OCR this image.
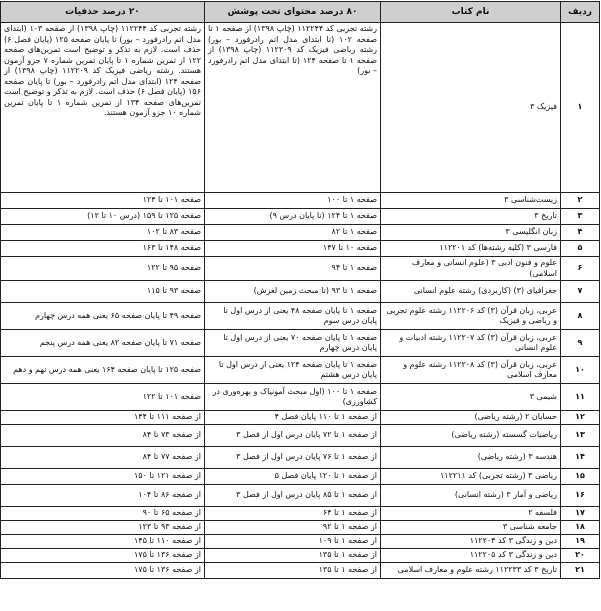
ردیف	نام کتاب	۸۰ درصد محتوای تحت پوشش	۲۰ درصد حذفیات
۱	فیزیک ۳	رشته تجربی کد ۱۱۲۲۴۴ (چاپ ۱۳۹۸) از صفحه ۱ تا صفحه ۱۰۲ (تا ابتدای مدل اتم رادرفورد – بور) رشته ریاضی فیزیک کد ۱۱۲۲۰۹ (چاپ ۱۳۹۸) از صفحه ۱ تا صفحه ۱۲۴ (تا ابتدای مدل اتم رادرفورد – بور)	رشته تجربی کد ۱۱۲۲۴۴ (چاپ ۱۳۹۸) از صفحه ۱۰۳ (ابتدای مدل اتم رادرفورد – بور) تا پایان صفحه ۱۲۵ (پایان فصل ۶) حذف است. لازم به تذکر و توضیح است تمرین‌های صفحه ۱۲۲ از تمرین شماره ۱ تا پایان تمرین شماره ۷ جزو آزمون هستند. رشته ریاضی فیزیک کد ۱۱۲۲۰۹ (چاپ ۱۳۹۸) از صفحه ۱۲۴ (ابتدای مدل اتم رادرفورد – بور) تا پایان صفحه ۱۵۶ (پایان فصل ۶) حذف است. لازم به تذکر و توضیح است تمرین‌های صفحه ۱۳۴ از تمرین شماره ۱ تا پایان تمرین شماره ۱۰ جزو آزمون هستند.
۲	زیست‌شناسی ۳	صفحه ۱ تا ۱۰۰	صفحه ۱۰۱ تا ۱۲۴
۳	تاریخ ۳	صفحه ۱ تا ۱۲۴ (تا پایان درس ۹)	صفحه ۱۲۵ تا ۱۵۹ (درس ۱۰ تا ۱۲)
۴	زبان انگلیسی ۳	صفحه ۱ تا ۸۲	صفحه ۸۳ تا ۱۰۲
۵	فارسی ۳ (کلیه رشته‌ها) کد ۱۱۲۲۰۱	صفحه ۱۰ تا ۱۴۷	صفحه ۱۴۸ تا ۱۶۳
۶	علوم و فنون ادبی ۳ (علوم انسانی و معارف اسلامی)	صفحه ۱ تا ۹۴	صفحه ۹۵ تا ۱۲۲
۷	جغرافیای (۳) (کاربردی) رشته علوم انسانی	صفحه ۱ تا ۹۳ (تا مبحث زمین لغزش)	صفحه ۹۳ تا ۱۱۵
۸	عربی، زبان قرآن (۳) کد ۱۱۲۲۰۶ رشته علوم تجربی و ریاضی و فیزیک	صفحه ۱ تا پایان صفحه ۴۸ یعنی از درس اول تا پایان درس سوم	صفحه ۴۹ تا پایان صفحه ۶۵ یعنی همه درس چهارم
۹	عربی، زبان قرآن (۳) کد ۱۱۲۲۰۷ رشته ادبیات و علوم انسانی	صفحه ۱ تا پایان صفحه ۷۰ یعنی از درس اول تا پایان درس چهارم	صفحه ۷۱ تا پایان صفحه ۸۲ یعنی همه درس پنجم
۱۰	عربی، زبان قرآن (۳) کد ۱۱۲۲۰۸ رشته علوم و معارف اسلامی	صفحه ۱ تا پایان صفحه ۱۲۴ یعنی از درس اول تا پایان درس هشتم	صفحه ۱۲۵ تا پایان صفحه ۱۶۴ یعنی همه درس نهم و دهم
۱۱	شیمی ۳	صفحه ۱ تا ۱۰۰ (اول مبحث آمونیاک و بهره‌وری در کشاورزی)	صفحه ۱۰۱ تا ۱۲۲
۱۲	حسابان ۲ (رشته ریاضی)	از صفحه ۱ تا ۱۱۰ پایان فصل ۴	از صفحه ۱۱۱ تا ۱۴۴
۱۳	ریاضیات گسسته (رشته ریاضی)	از صفحه ۱ تا ۷۲ پایان درس اول از فصل ۳	از صفحه ۷۳ تا ۸۴
۱۴	هندسه ۳ (رشته ریاضی)	از صفحه ۱ تا ۷۶ پایان درس اول از فصل ۳	از صفحه ۷۷ تا ۸۴
۱۵	ریاضی ۳ (رشته تجربی) کد ۱۱۲۲۱۱	از صفحه ۱ تا ۱۲۰ پایان فصل ۵	از صفحه ۱۲۱ تا ۱۵۰
۱۶	ریاضی و آمار ۳ (رشته انسانی)	از صفحه ۱ تا ۸۵ پایان درس اول از فصل ۳	از صفحه ۸۶ تا ۱۰۴
۱۷	فلسفه ۲	از صفحه ۱ تا ۶۴	از صفحه ۶۵ تا ۹۰
۱۸	جامعه شناسی ۳	از صفحه ۱ تا ۹۲	از صفحه ۹۳ تا ۱۲۳
۱۹	دین و زندگی ۳ کد ۱۱۲۲۰۴	از صفحه ۱ تا ۱۰۹	از صفحه ۱۱۰ تا ۱۴۵
۲۰	دین و زندگی ۳ کد ۱۱۲۲۰۵	از صفحه ۱ تا ۱۳۵	از صفحه ۱۳۶ تا ۱۷۵
۲۱	تاریخ ۳ کد ۱۱۲۲۳۳ رشته علوم و معارف اسلامی	از صفحه ۱ تا ۱۳۵	از صفحه ۱۳۶ تا ۱۷۵
